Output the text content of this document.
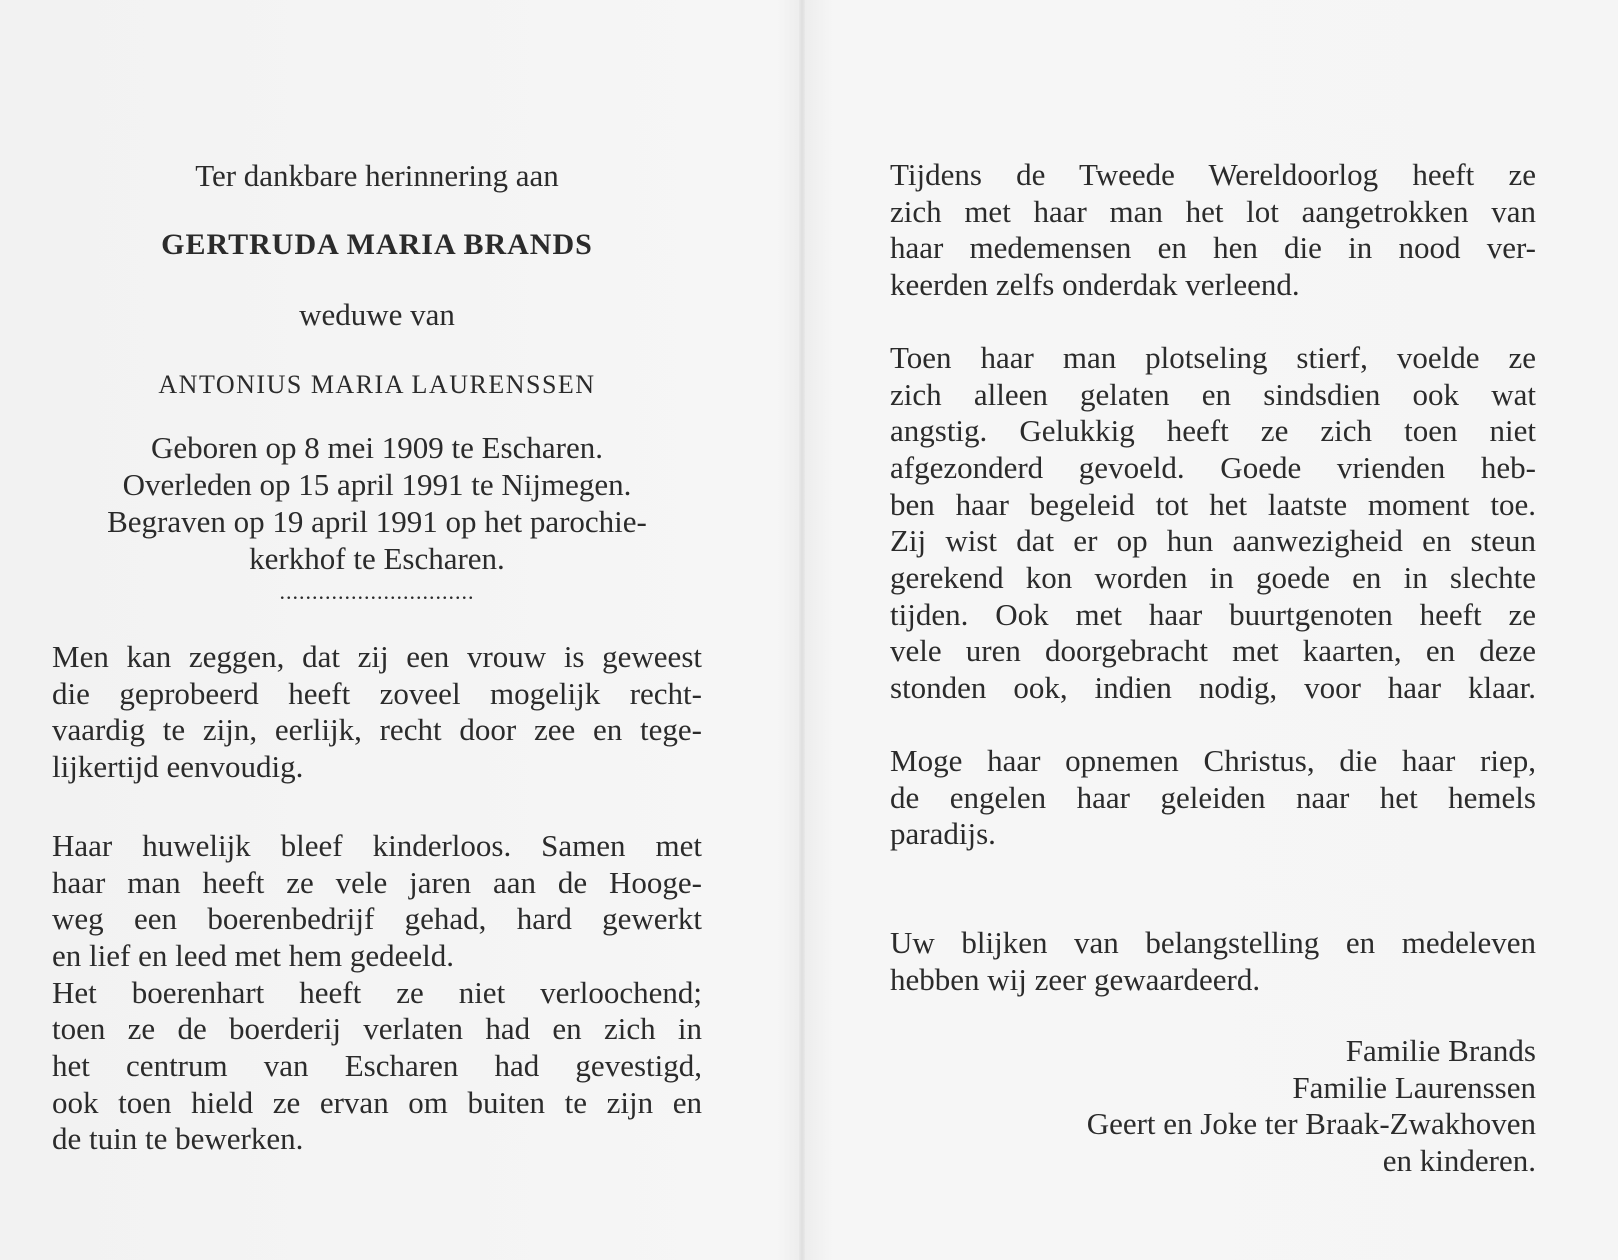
Ter dankbare herinnering aan
GERTRUDA MARIA BRANDS
weduwe van
ANTONIUS MARIA LAURENSSEN
Geboren op 8 mei 1909 te Escharen.
Overleden op 15 april 1991 te Nijmegen.
Begraven op 19 april 1991 op het parochie-
kerkhof te Escharen.
..............................
Men kan zeggen, dat zij een vrouw is geweest
die geprobeerd heeft zoveel mogelijk recht-
vaardig te zijn, eerlijk, recht door zee en tege-
lijkertijd eenvoudig.
Haar huwelijk bleef kinderloos. Samen met
haar man heeft ze vele jaren aan de Hooge-
weg een boerenbedrijf gehad, hard gewerkt
en lief en leed met hem gedeeld.
Het boerenhart heeft ze niet verloochend;
toen ze de boerderij verlaten had en zich in
het centrum van Escharen had gevestigd,
ook toen hield ze ervan om buiten te zijn en
de tuin te bewerken.
Tijdens de Tweede Wereldoorlog heeft ze
zich met haar man het lot aangetrokken van
haar medemensen en hen die in nood ver-
keerden zelfs onderdak verleend.
Toen haar man plotseling stierf, voelde ze
zich alleen gelaten en sindsdien ook wat
angstig. Gelukkig heeft ze zich toen niet
afgezonderd gevoeld. Goede vrienden heb-
ben haar begeleid tot het laatste moment toe.
Zij wist dat er op hun aanwezigheid en steun
gerekend kon worden in goede en in slechte
tijden. Ook met haar buurtgenoten heeft ze
vele uren doorgebracht met kaarten, en deze
stonden ook, indien nodig, voor haar klaar.
Moge haar opnemen Christus, die haar riep,
de engelen haar geleiden naar het hemels
paradijs.
Uw blijken van belangstelling en medeleven
hebben wij zeer gewaardeerd.
Familie Brands
Familie Laurenssen
Geert en Joke ter Braak-Zwakhoven
en kinderen.
